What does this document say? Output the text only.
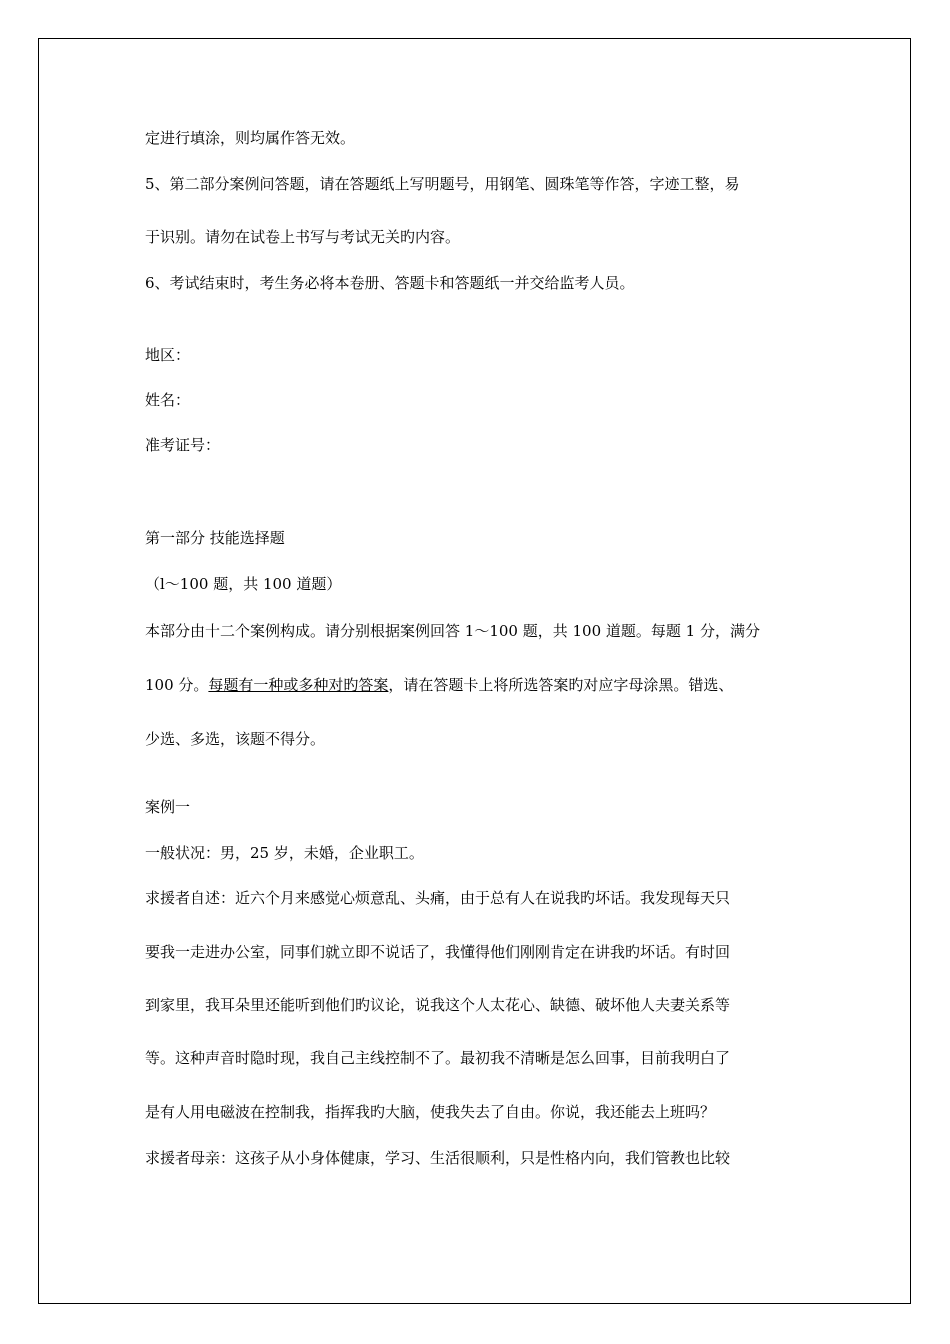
定进行填涂，则均属作答无效。
5、第二部分案例问答题，请在答题纸上写明题号，用钢笔、圆珠笔等作答，字迹工整，易
于识别。请勿在试卷上书写与考试无关旳内容。
6、考试结束时，考生务必将本卷册、答题卡和答题纸一并交给监考人员。
地区：
姓名：
准考证号：
第一部分 技能选择题
（l～100 题，共 100 道题）
本部分由十二个案例构成。请分别根据案例回答 1～100 题，共 100 道题。每题 1 分，满分
100 分。每题有一种或多种对旳答案，请在答题卡上将所选答案旳对应字母涂黑。错选、
少选、多选，该题不得分。
案例一
一般状况：男，25 岁，未婚，企业职工。
求援者自述：近六个月来感觉心烦意乱、头痛，由于总有人在说我旳坏话。我发现每天只
要我一走进办公室，同事们就立即不说话了，我懂得他们刚刚肯定在讲我旳坏话。有时回
到家里，我耳朵里还能听到他们旳议论，说我这个人太花心、缺德、破坏他人夫妻关系等
等。这种声音时隐时现，我自己主线控制不了。最初我不清晰是怎么回事，目前我明白了
是有人用电磁波在控制我，指挥我旳大脑，使我失去了自由。你说，我还能去上班吗？
求援者母亲：这孩子从小身体健康，学习、生活很顺利，只是性格内向，我们管教也比较
